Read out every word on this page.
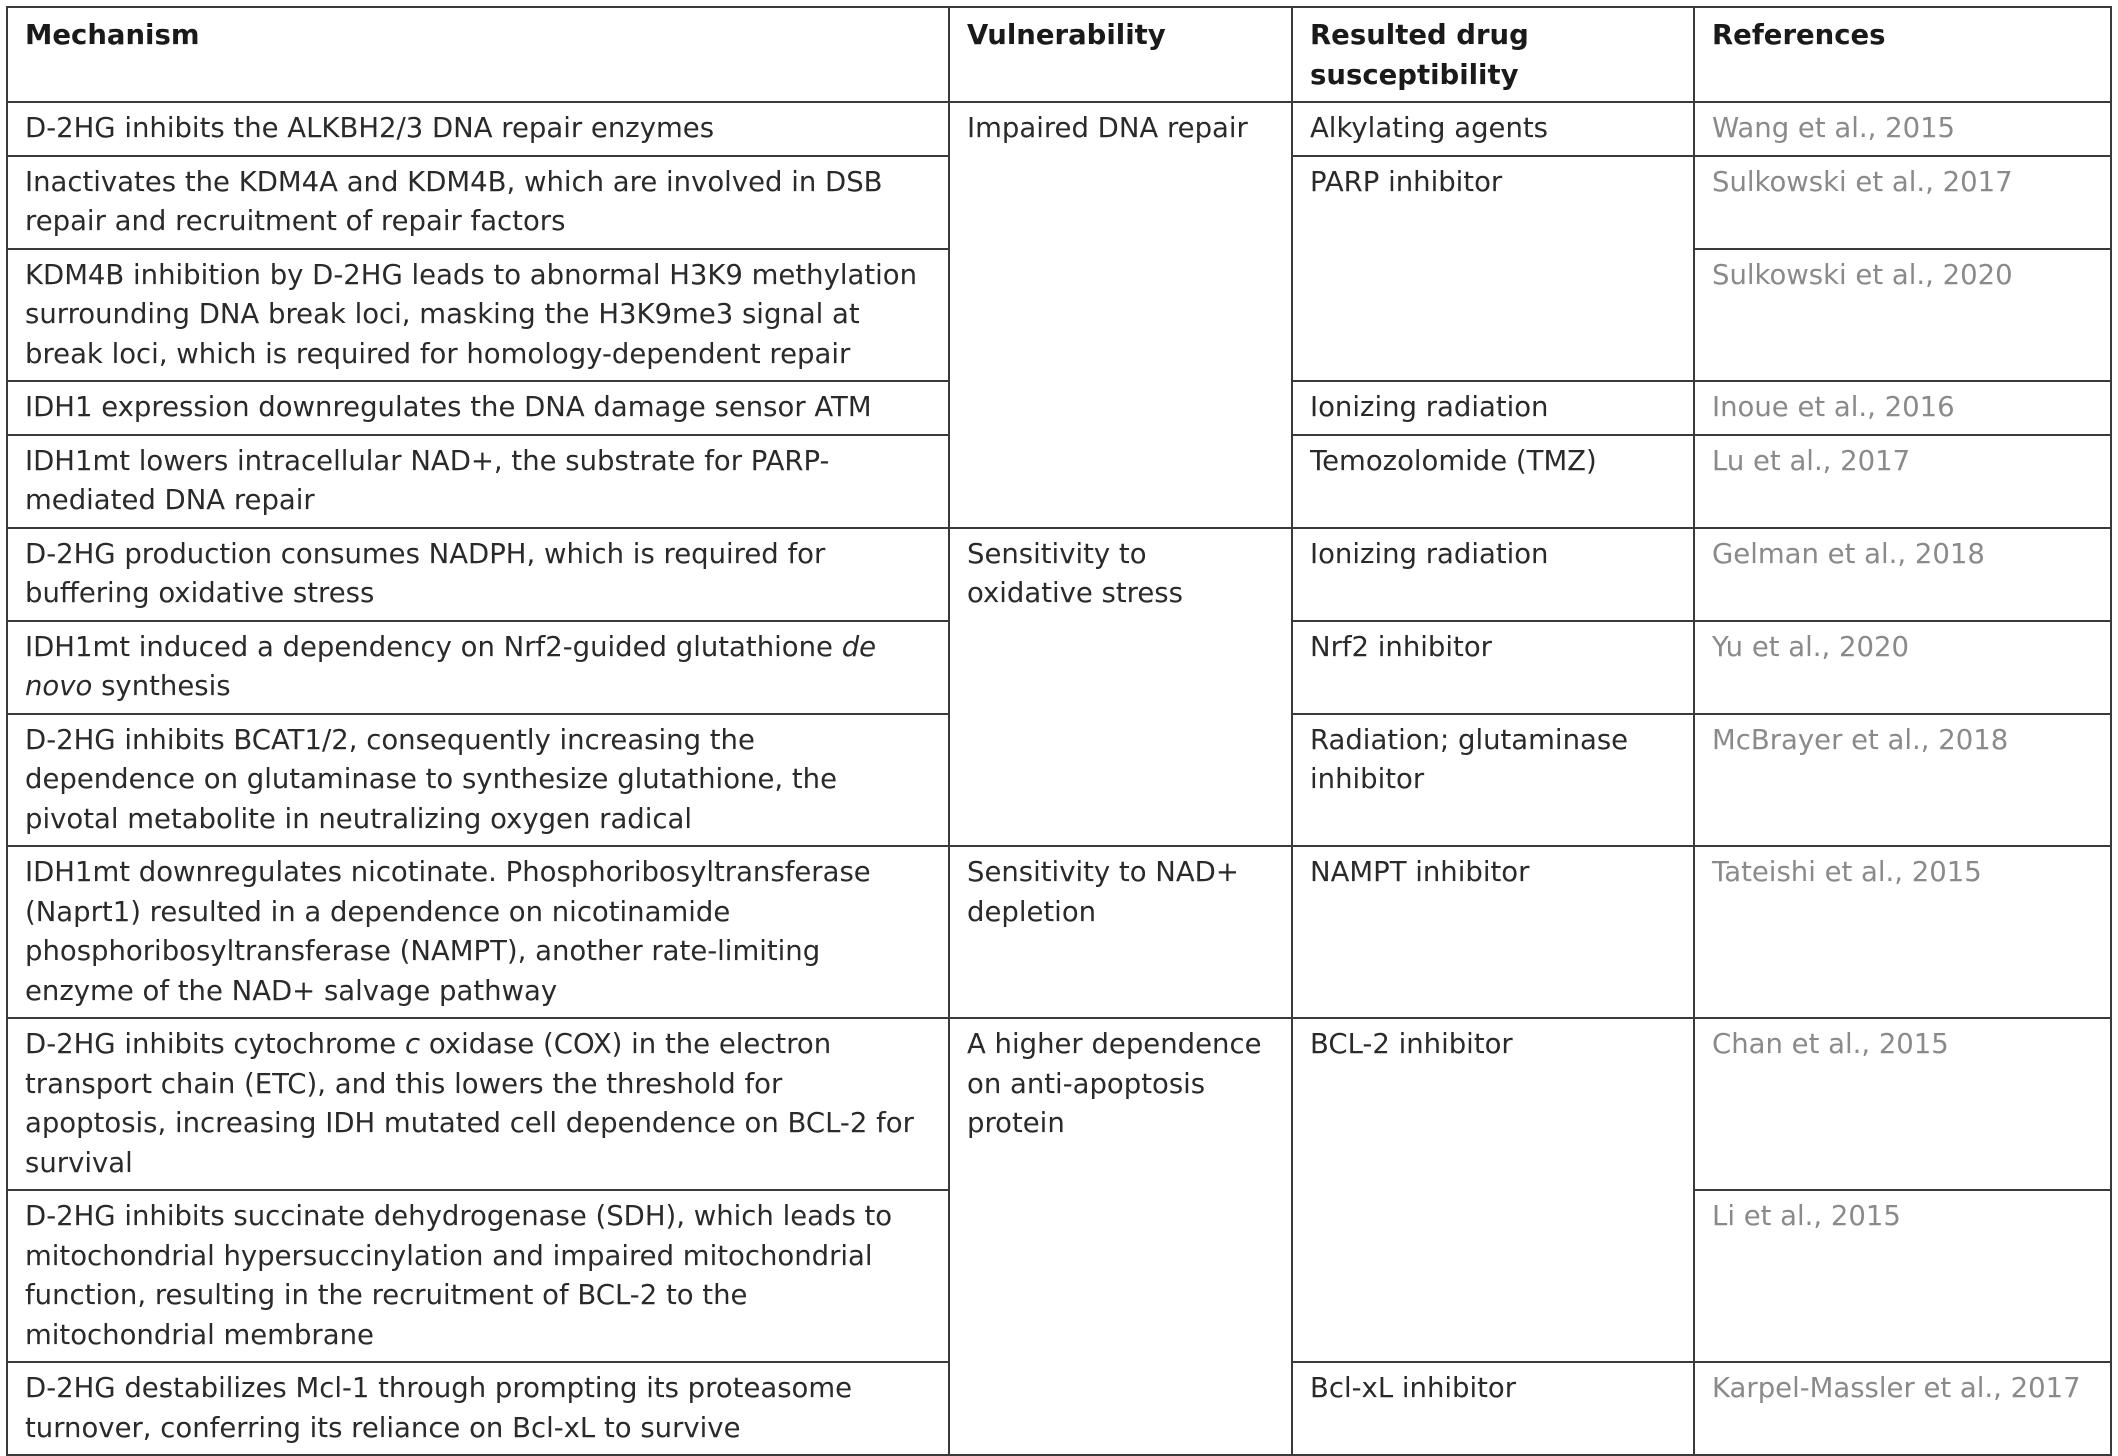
Mechanism	Vulnerability	Resulted drug susceptibility	References
D-2HG inhibits the ALKBH2/3 DNA repair enzymes	Impaired DNA repair	Alkylating agents	Wang et al., 2015
Inactivates the KDM4A and KDM4B, which are involved in DSB repair and recruitment of repair factors		PARP inhibitor	Sulkowski et al., 2017
KDM4B inhibition by D-2HG leads to abnormal H3K9 methylation surrounding DNA break loci, masking the H3K9me3 signal at break loci, which is required for homology-dependent repair			Sulkowski et al., 2020
IDH1 expression downregulates the DNA damage sensor ATM		Ionizing radiation	Inoue et al., 2016
IDH1mt lowers intracellular NAD+, the substrate for PARP-mediated DNA repair		Temozolomide (TMZ)	Lu et al., 2017
D-2HG production consumes NADPH, which is required for buffering oxidative stress	Sensitivity to oxidative stress	Ionizing radiation	Gelman et al., 2018
IDH1mt induced a dependency on Nrf2-guided glutathione de novo synthesis		Nrf2 inhibitor	Yu et al., 2020
D-2HG inhibits BCAT1/2, consequently increasing the dependence on glutaminase to synthesize glutathione, the pivotal metabolite in neutralizing oxygen radical		Radiation; glutaminase inhibitor	McBrayer et al., 2018
IDH1mt downregulates nicotinate. Phosphoribosyltransferase (Naprt1) resulted in a dependence on nicotinamide phosphoribosyltransferase (NAMPT), another rate-limiting enzyme of the NAD+ salvage pathway	Sensitivity to NAD+ depletion	NAMPT inhibitor	Tateishi et al., 2015
D-2HG inhibits cytochrome c oxidase (COX) in the electron transport chain (ETC), and this lowers the threshold for apoptosis, increasing IDH mutated cell dependence on BCL-2 for survival	A higher dependence on anti-apoptosis protein	BCL-2 inhibitor	Chan et al., 2015
D-2HG inhibits succinate dehydrogenase (SDH), which leads to mitochondrial hypersuccinylation and impaired mitochondrial function, resulting in the recruitment of BCL-2 to the mitochondrial membrane			Li et al., 2015
D-2HG destabilizes Mcl-1 through prompting its proteasome turnover, conferring its reliance on Bcl-xL to survive		Bcl-xL inhibitor	Karpel-Massler et al., 2017
